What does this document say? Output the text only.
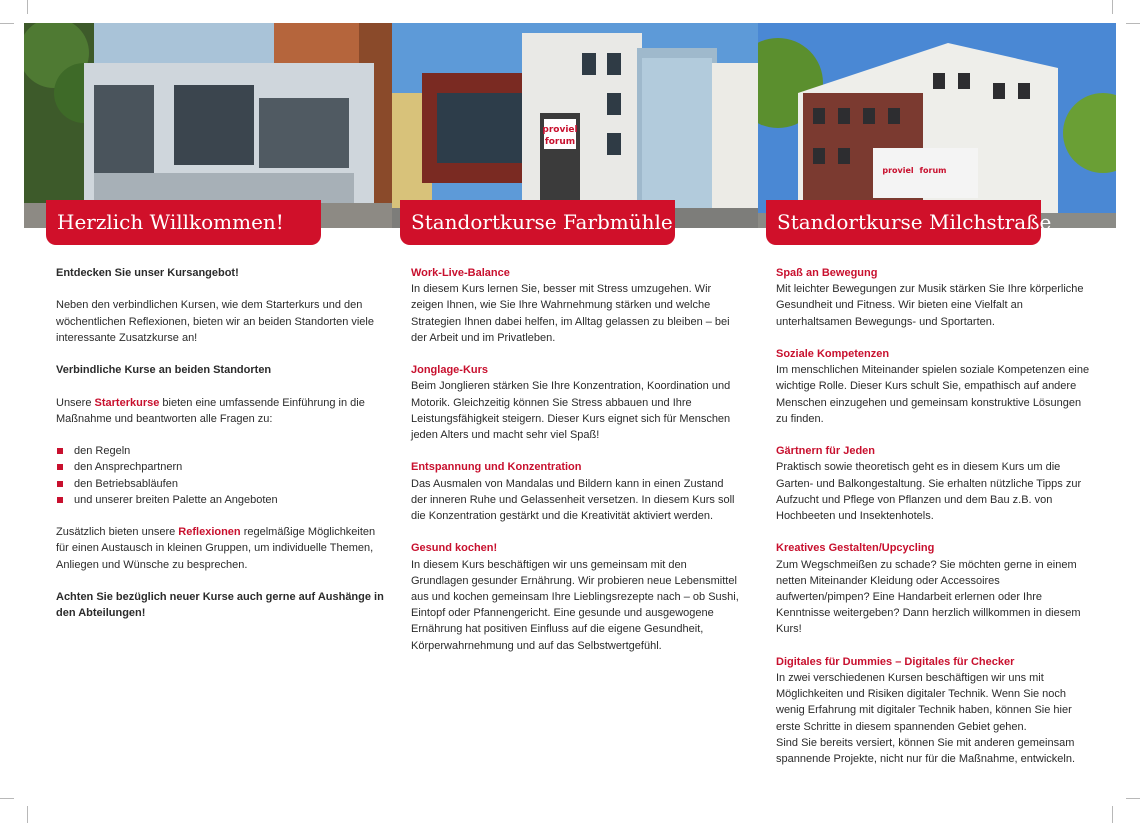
proviel
forum
proviel forum
Herzlich Willkommen!	Standortkurse Farbmühle	Standortkurse Milchstraße

Entdecken Sie unser Kursangebot!

Neben den verbindlichen Kursen, wie dem Starterkurs und den wöchentlichen Reflexionen, bieten wir an beiden Standorten viele interessante Zusatzkurse an!

Verbindliche Kurse an beiden Standorten

Unsere Starterkurse bieten eine umfassende Einführung in die Maßnahme und beantworten alle Fragen zu:

den Regeln
den Ansprechpartnern
den Betriebsabläufen
und unserer breiten Palette an Angeboten

Zusätzlich bieten unsere Reflexionen regelmäßige Möglichkeiten für einen Austausch in kleinen Gruppen, um individuelle Themen, Anliegen und Wünsche zu besprechen.

Achten Sie bezüglich neuer Kurse auch gerne auf Aushänge in den Abteilungen!

Work-Live-Balance
In diesem Kurs lernen Sie, besser mit Stress umzugehen. Wir zeigen Ihnen, wie Sie Ihre Wahrnehmung stärken und welche Strategien Ihnen dabei helfen, im Alltag gelassen zu bleiben – bei der Arbeit und im Privatleben.
Jonglage-Kurs
Beim Jonglieren stärken Sie Ihre Konzentration, Koordination und Motorik. Gleichzeitig können Sie Stress abbauen und Ihre Leistungsfähigkeit steigern. Dieser Kurs eignet sich für Menschen jeden Alters und macht sehr viel Spaß!
Entspannung und Konzentration
Das Ausmalen von Mandalas und Bildern kann in einen Zustand der inneren Ruhe und Gelassenheit versetzen. In diesem Kurs soll die Konzentration gestärkt und die Kreativität aktiviert werden.
Gesund kochen!
In diesem Kurs beschäftigen wir uns gemeinsam mit den Grundlagen gesunder Ernährung. Wir probieren neue Lebensmittel aus und kochen gemeinsam Ihre Lieblingsrezepte nach – ob Sushi, Eintopf oder Pfannengericht. Eine gesunde und ausgewogene Ernährung hat positiven Einfluss auf die eigene Gesundheit, Körperwahrnehmung und auf das Selbstwertgefühl.
Spaß an Bewegung
Mit leichter Bewegungen zur Musik stärken Sie Ihre körperliche Gesundheit und Fitness. Wir bieten eine Vielfalt an unterhaltsamen Bewegungs- und Sportarten.
Soziale Kompetenzen
Im menschlichen Miteinander spielen soziale Kompetenzen eine wichtige Rolle. Dieser Kurs schult Sie, empathisch auf andere Menschen einzugehen und gemeinsam konstruktive Lösungen zu finden.
Gärtnern für Jeden
Praktisch sowie theoretisch geht es in diesem Kurs um die Garten- und Balkongestaltung. Sie erhalten nützliche Tipps zur Aufzucht und Pflege von Pflanzen und dem Bau z.B. von Hochbeeten und Insektenhotels.
Kreatives Gestalten/Upcycling
Zum Wegschmeißen zu schade? Sie möchten gerne in einem netten Miteinander Kleidung oder Accessoires aufwerten/pimpen? Eine Handarbeit erlernen oder Ihre Kenntnisse weitergeben? Dann herzlich willkommen in diesem Kurs!
Digitales für Dummies – Digitales für Checker
In zwei verschiedenen Kursen beschäftigen wir uns mit Möglichkeiten und Risiken digitaler Technik. Wenn Sie noch wenig Erfahrung mit digitaler Technik haben, können Sie hier erste Schritte in diesem spannenden Gebiet gehen.
Sind Sie bereits versiert, können Sie mit anderen gemeinsam spannende Projekte, nicht nur für die Maßnahme, entwickeln.
